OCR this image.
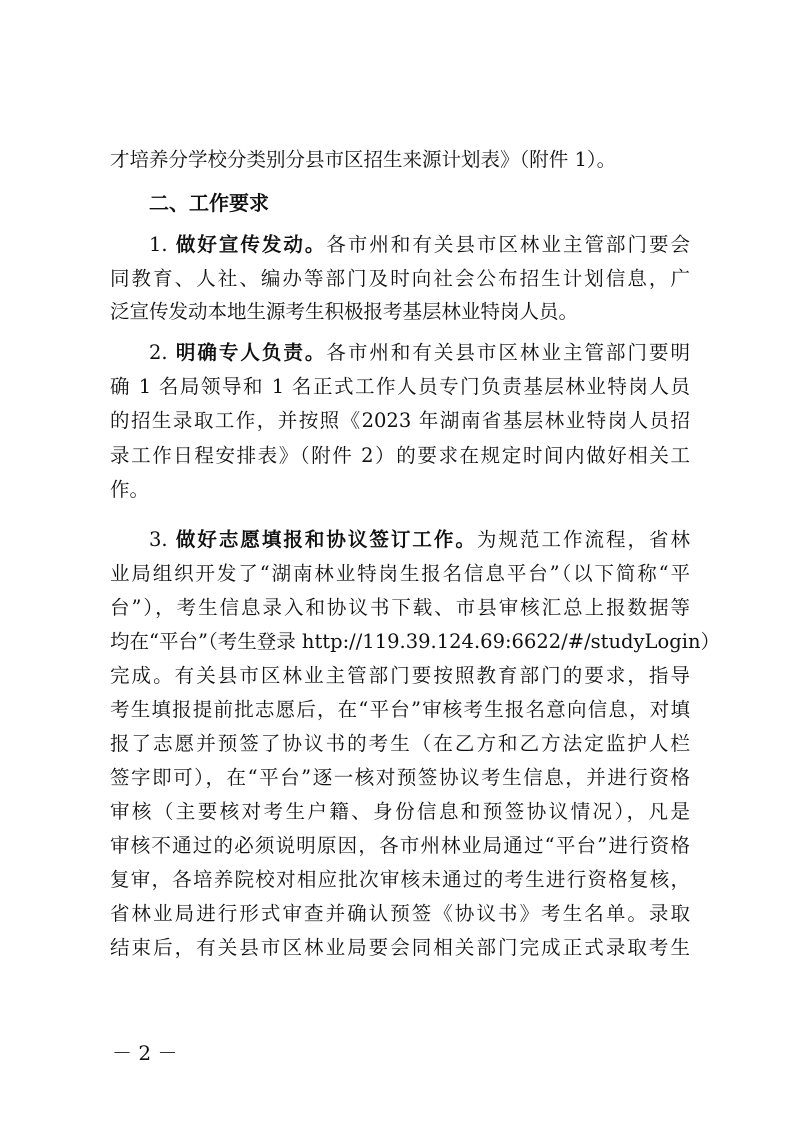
才培养分学校分类别分县市区招生来源计划表》（附件 1）。
二、工作要求
1. 做好宣传发动。各市州和有关县市区林业主管部门要会
同教育、人社、编办等部门及时向社会公布招生计划信息，广
泛宣传发动本地生源考生积极报考基层林业特岗人员。
2. 明确专人负责。各市州和有关县市区林业主管部门要明
确 1 名局领导和 1 名正式工作人员专门负责基层林业特岗人员
的招生录取工作，并按照《2023 年湖南省基层林业特岗人员招
录工作日程安排表》（附件 2）的要求在规定时间内做好相关工
作。
3. 做好志愿填报和协议签订工作。为规范工作流程，省林
业局组织开发了“湖南林业特岗生报名信息平台”（以下简称“平
台”），考生信息录入和协议书下载、市县审核汇总上报数据等
均在“平台”（考生登录 http://119.39.124.69:6622/#/studyLogin）
完成。有关县市区林业主管部门要按照教育部门的要求，指导
考生填报提前批志愿后，在“平台”审核考生报名意向信息，对填
报了志愿并预签了协议书的考生（在乙方和乙方法定监护人栏
签字即可），在“平台”逐一核对预签协议考生信息，并进行资格
审核（主要核对考生户籍、身份信息和预签协议情况），凡是
审核不通过的必须说明原因，各市州林业局通过“平台”进行资格
复审，各培养院校对相应批次审核未通过的考生进行资格复核，
省林业局进行形式审查并确认预签《协议书》考生名单。录取
结束后，有关县市区林业局要会同相关部门完成正式录取考生
－ 2 －
